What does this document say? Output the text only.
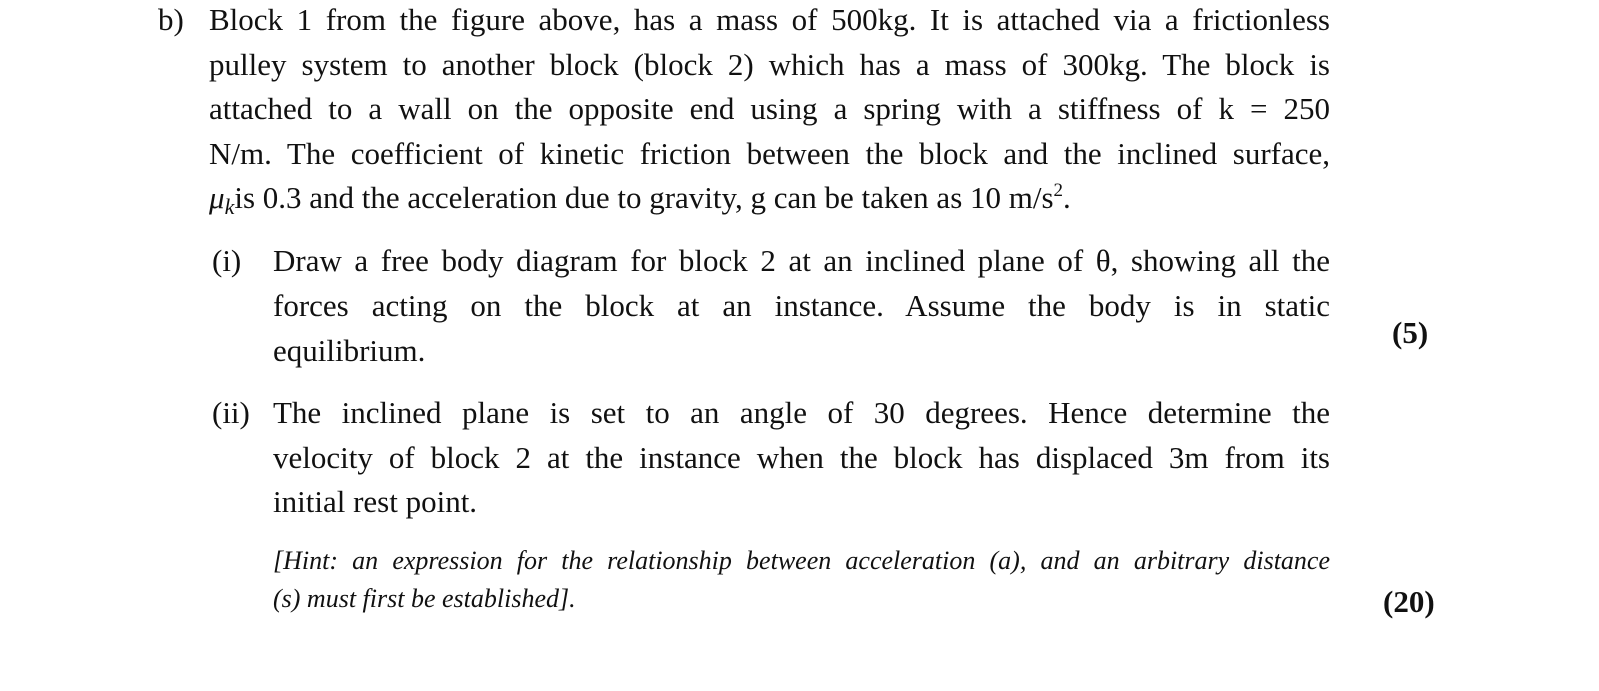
b) Block 1 from the figure above, has a mass of 500kg. It is attached via a frictionless
pulley system to another block (block 2) which has a mass of 300kg. The block is
attached to a wall on the opposite end using a spring with a stiffness of k = 250
N/m. The coefficient of kinetic friction between the block and the inclined surface,
$\mu_kis$ 0.3 and the acceleration due to gravity, g can be taken as 10 $m/s^2$.
(i) Draw a free body diagram for block 2 at an inclined plane of θ, showing all the
forces acting on the block at an instance. Assume the body is in static
equilibrium.
(5)
(ii) The inclined plane is set to an angle of 30 degrees. Hence determine the
velocity of block 2 at the instance when the block has displaced 3m from its
initial rest point.
[Hint: an expression for the relationship between acceleration (a), and an arbitrary distance
(s) must first be established].	(20)
